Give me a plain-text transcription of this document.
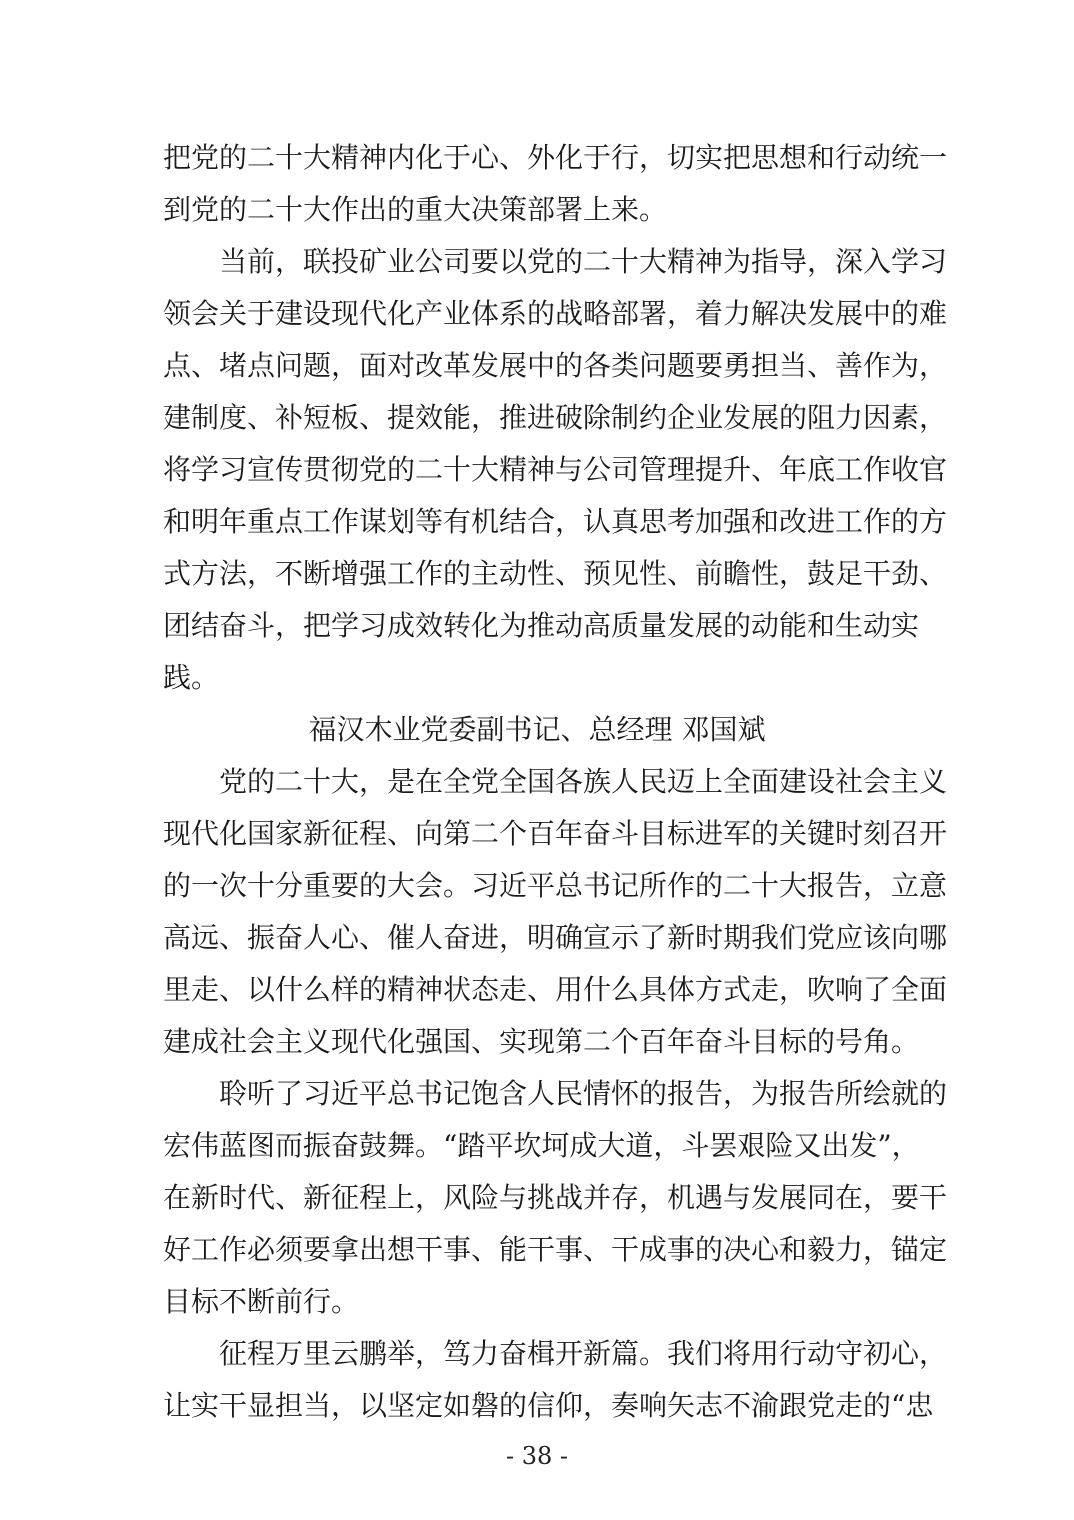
把党的二十大精神内化于心、外化于行，切实把思想和行动统一
到党的二十大作出的重大决策部署上来。
当前，联投矿业公司要以党的二十大精神为指导，深入学习
领会关于建设现代化产业体系的战略部署，着力解决发展中的难
点、堵点问题，面对改革发展中的各类问题要勇担当、善作为，
建制度、补短板、提效能，推进破除制约企业发展的阻力因素，
将学习宣传贯彻党的二十大精神与公司管理提升、年底工作收官
和明年重点工作谋划等有机结合，认真思考加强和改进工作的方
式方法，不断增强工作的主动性、预见性、前瞻性，鼓足干劲、
团结奋斗，把学习成效转化为推动高质量发展的动能和生动实
践。
福汉木业党委副书记、总经理 邓国斌
党的二十大，是在全党全国各族人民迈上全面建设社会主义
现代化国家新征程、向第二个百年奋斗目标进军的关键时刻召开
的一次十分重要的大会。习近平总书记所作的二十大报告，立意
高远、振奋人心、催人奋进，明确宣示了新时期我们党应该向哪
里走、以什么样的精神状态走、用什么具体方式走，吹响了全面
建成社会主义现代化强国、实现第二个百年奋斗目标的号角。
聆听了习近平总书记饱含人民情怀的报告，为报告所绘就的
宏伟蓝图而振奋鼓舞。“踏平坎坷成大道，斗罢艰险又出发”，
在新时代、新征程上，风险与挑战并存，机遇与发展同在，要干
好工作必须要拿出想干事、能干事、干成事的决心和毅力，锚定
目标不断前行。
征程万里云鹏举，笃力奋楫开新篇。我们将用行动守初心，
让实干显担当，以坚定如磐的信仰，奏响矢志不渝跟党走的“忠
- 38 -
